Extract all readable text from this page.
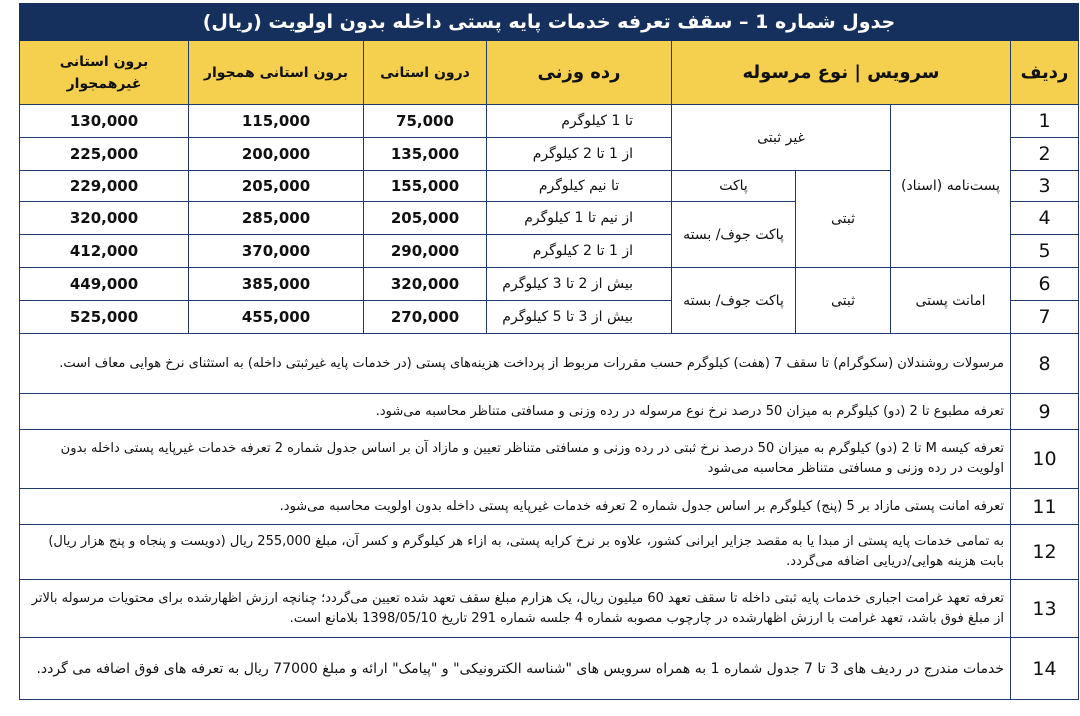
جدول شماره 1 – سقف تعرفه خدمات پایه پستی داخله بدون اولویت (ریال)							
ردیف	سرویس | نوع مرسوله			رده وزنی	درون استانی	برون استانی همجوار	برون استانی غیرهمجوار
1	پست‌نامه (اسناد)	غیر ثبتی		تا 1 کیلوگرم	75,000	115,000	130,000
2				از 1 تا 2 کیلوگرم	135,000	200,000	225,000
3		ثبتی	پاکت	تا نیم کیلوگرم	155,000	205,000	229,000
4			پاکت جوف/ بسته	از نیم تا 1 کیلوگرم	205,000	285,000	320,000
5				از 1 تا 2 کیلوگرم	290,000	370,000	412,000
6	امانت پستی	ثبتی	پاکت جوف/ بسته	بیش از 2 تا 3 کیلوگرم	320,000	385,000	449,000
7				بیش از 3 تا 5 کیلوگرم	270,000	455,000	525,000
8	مرسولات روشندلان (سکوگرام) تا سقف 7 (هفت) کیلوگرم حسب مقررات مربوط از پرداخت هزینه‌های پستی (در خدمات پایه غیرثبتی داخله) به استثنای نرخ هوایی معاف است.						
9	تعرفه مطبوع تا 2 (دو) کیلوگرم به میزان 50 درصد نرخ نوع مرسوله در رده وزنی و مسافتی متناظر محاسبه می‌شود.						
10	تعرفه کیسه M تا 2 (دو) کیلوگرم به میزان 50 درصد نرخ ثبتی در رده وزنی و مسافتی متناظر تعیین و مازاد آن بر اساس جدول شماره 2 تعرفه خدمات غیرپایه پستی داخله بدون اولویت در رده وزنی و مسافتی متناظر محاسبه می‌شود						
11	تعرفه امانت پستی مازاد بر 5 (پنج) کیلوگرم بر اساس جدول شماره 2 تعرفه خدمات غیرپایه پستی داخله بدون اولویت محاسبه می‌شود.						
12	به تمامی خدمات پایه پستی از مبدا یا به مقصد جزایر ایرانی کشور، علاوه بر نرخ کرایه پستی، به ازاء هر کیلوگرم و کسر آن، مبلغ 255,000 ریال (دویست و پنجاه و پنج هزار ریال) بابت هزینه هوایی/دریایی اضافه می‌گردد.						
13	تعرفه تعهد غرامت اجباری خدمات پایه ثبتی داخله تا سقف تعهد 60 میلیون ریال، یک هزارم مبلغ سقف تعهد شده تعیین می‌گردد؛ چنانچه ارزش اظهارشده برای محتویات مرسوله بالاتر از مبلغ فوق باشد، تعهد غرامت با ارزش اظهارشده در چارچوب مصوبه شماره 4 جلسه شماره 291 تاریخ 1398/05/10 بلامانع است.						
14	خدمات مندرج در ردیف های 3 تا 7 جدول شماره 1 به همراه سرویس های "شناسه الکترونیکی" و "پیامک" ارائه و مبلغ 77000 ریال به تعرفه های فوق اضافه می گردد.						
